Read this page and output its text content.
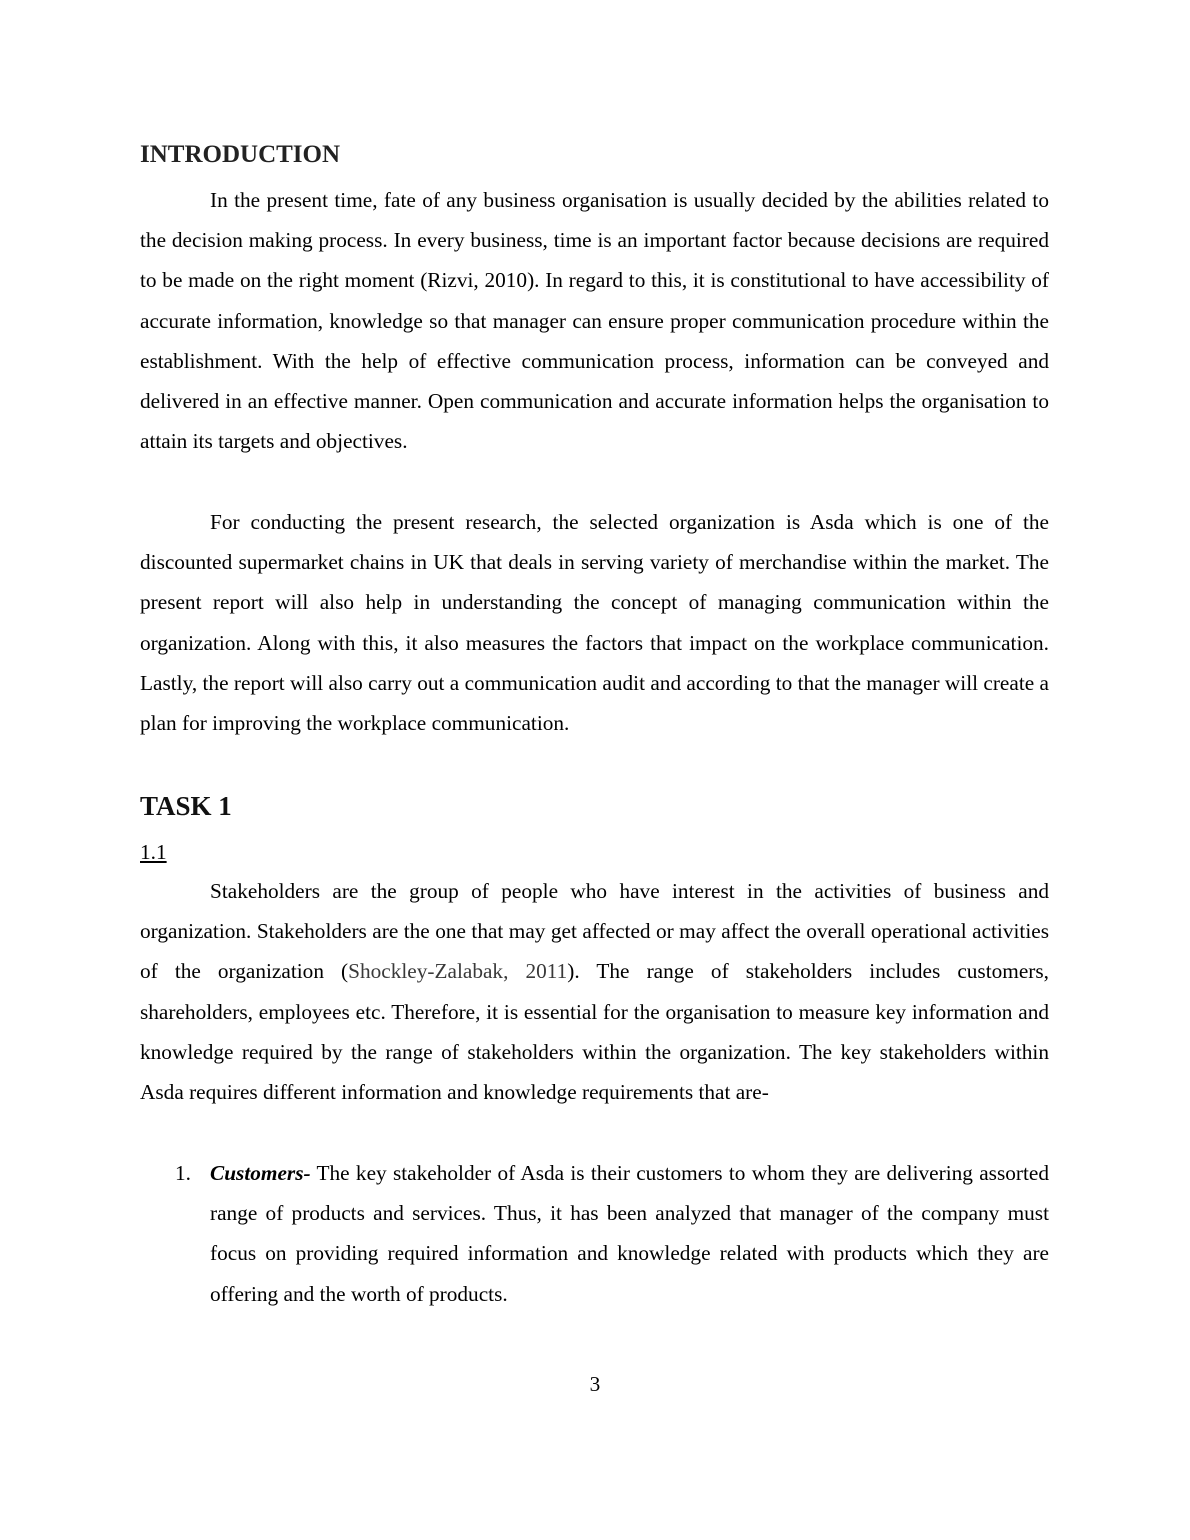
INTRODUCTION

In the present time, fate of any business organisation is usually decided by the abilities related to the decision making process. In every business, time is an important factor because decisions are required to be made on the right moment (Rizvi, 2010). In regard to this, it is constitutional to have accessibility of accurate information, knowledge so that manager can ensure proper communication procedure within the establishment. With the help of effective communication process, information can be conveyed and delivered in an effective manner. Open communication and accurate information helps the organisation to attain its targets and objectives.

For conducting the present research, the selected organization is Asda which is one of the discounted supermarket chains in UK that deals in serving variety of merchandise within the market. The present report will also help in understanding the concept of managing communication within the organization. Along with this, it also measures the factors that impact on the workplace communication. Lastly, the report will also carry out a communication audit and according to that the manager will create a plan for improving the workplace communication.

TASK 1

1.1

Stakeholders are the group of people who have interest in the activities of business and organization. Stakeholders are the one that may get affected or may affect the overall operational activities of the organization (Shockley-Zalabak, 2011). The range of stakeholders includes customers, shareholders, employees etc. Therefore, it is essential for the organisation to measure key information and knowledge required by the range of stakeholders within the organization. The key stakeholders within Asda requires different information and knowledge requirements that are-

1. Customers- The key stakeholder of Asda is their customers to whom they are delivering assorted range of products and services. Thus, it has been analyzed that manager of the company must focus on providing required information and knowledge related with products which they are offering and the worth of products.

3
